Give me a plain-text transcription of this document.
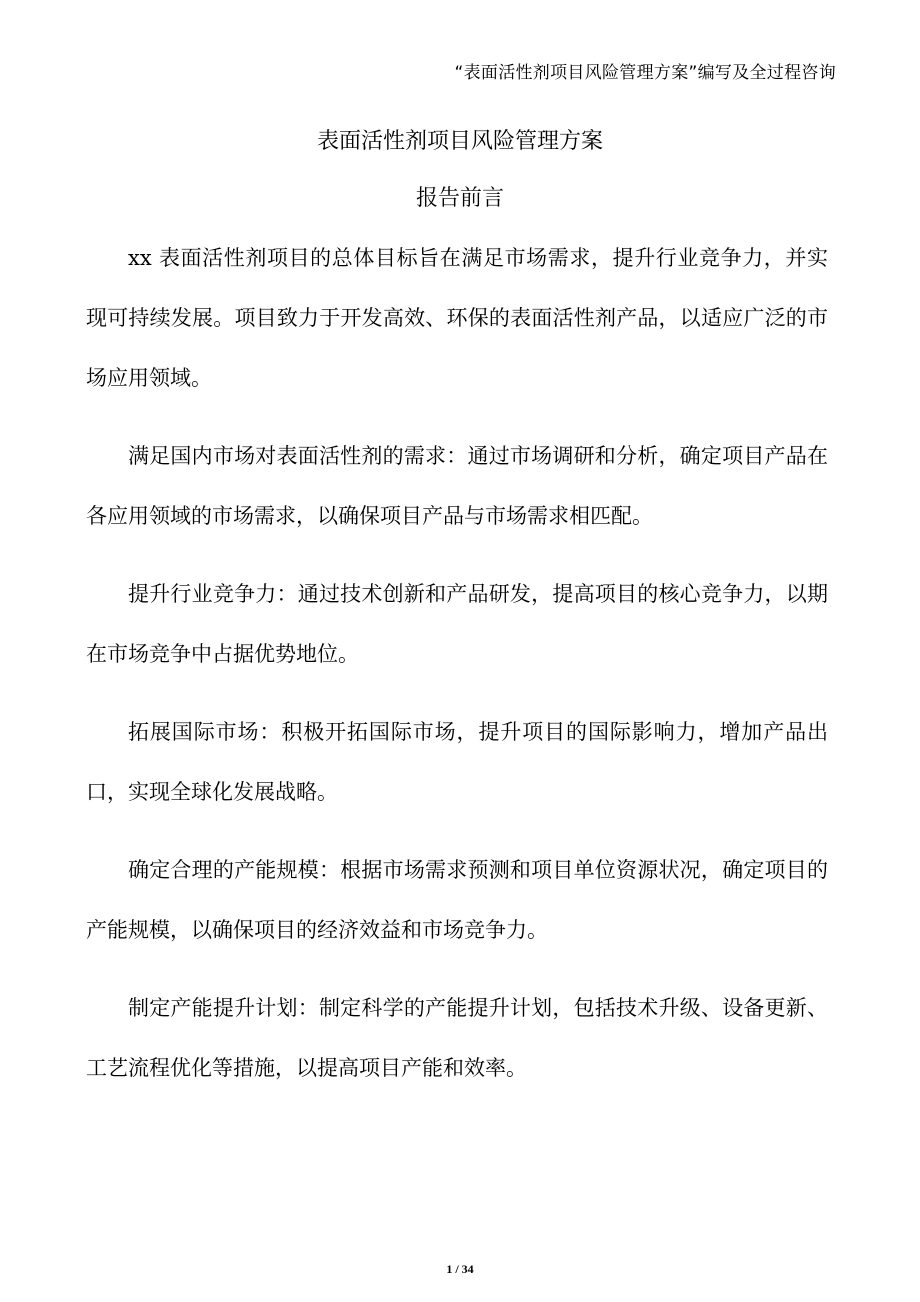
“表面活性剂项目风险管理方案”编写及全过程咨询
表面活性剂项目风险管理方案
报告前言

xx 表面活性剂项目的总体目标旨在满足市场需求，提升行业竞争力，并实现可持续发展。项目致力于开发高效、环保的表面活性剂产品，以适应广泛的市场应用领域。

满足国内市场对表面活性剂的需求：通过市场调研和分析，确定项目产品在各应用领域的市场需求，以确保项目产品与市场需求相匹配。

提升行业竞争力：通过技术创新和产品研发，提高项目的核心竞争力，以期在市场竞争中占据优势地位。

拓展国际市场：积极开拓国际市场，提升项目的国际影响力，增加产品出口，实现全球化发展战略。

确定合理的产能规模：根据市场需求预测和项目单位资源状况，确定项目的产能规模，以确保项目的经济效益和市场竞争力。

制定产能提升计划：制定科学的产能提升计划，包括技术升级、设备更新、工艺流程优化等措施，以提高项目产能和效率。

1 / 34
